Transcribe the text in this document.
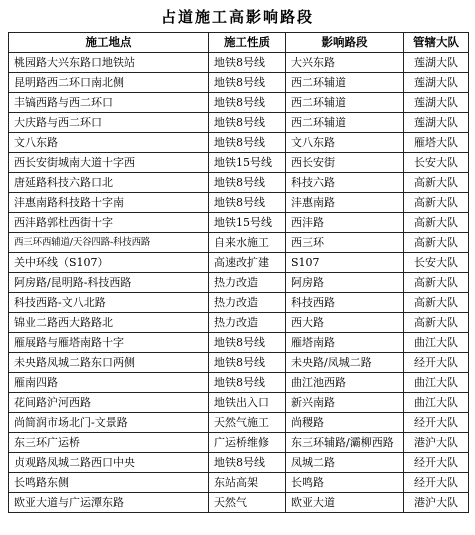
占道施工高影响路段
施工地点	施工性质	影响路段	管辖大队
桃园路大兴东路口地铁站	地铁8号线	大兴东路	莲湖大队
昆明路西二环口南北侧	地铁8号线	西二环辅道	莲湖大队
丰镐西路与西二环口	地铁8号线	西二环辅道	莲湖大队
大庆路与西二环口	地铁8号线	西二环辅道	莲湖大队
文八东路	地铁8号线	文八东路	雁塔大队
西长安街城南大道十字西	地铁15号线	西长安街	长安大队
唐延路科技六路口北	地铁8号线	科技六路	高新大队
沣惠南路科技路十字南	地铁8号线	沣惠南路	高新大队
西沣路郭杜西街十字	地铁15号线	西沣路	高新大队
西三环西辅道/天谷四路-科技西路	自来水施工	西三环	高新大队
关中环线（S107）	高速改扩建	S107	长安大队
阿房路/昆明路-科技西路	热力改造	阿房路	高新大队
科技西路-文八北路	热力改造	科技西路	高新大队
锦业二路西大路路北	热力改造	西大路	高新大队
雁展路与雁塔南路十字	地铁8号线	雁塔南路	曲江大队
未央路凤城二路东口两侧	地铁8号线	未央路/凤城二路	经开大队
雁南四路	地铁8号线	曲江池西路	曲江大队
花间路沪河西路	地铁出入口	新兴南路	曲江大队
尚简润市场北门-文景路	天然气施工	尚稷路	经开大队
东三环广运桥	广运桥维修	东三环辅路/灞柳西路	港沪大队
贞观路凤城二路西口中央	地铁8号线	凤城二路	经开大队
长鸣路东侧	东站高架	长鸣路	经开大队
欧亚大道与广运潭东路	天然气	欧亚大道	港沪大队
